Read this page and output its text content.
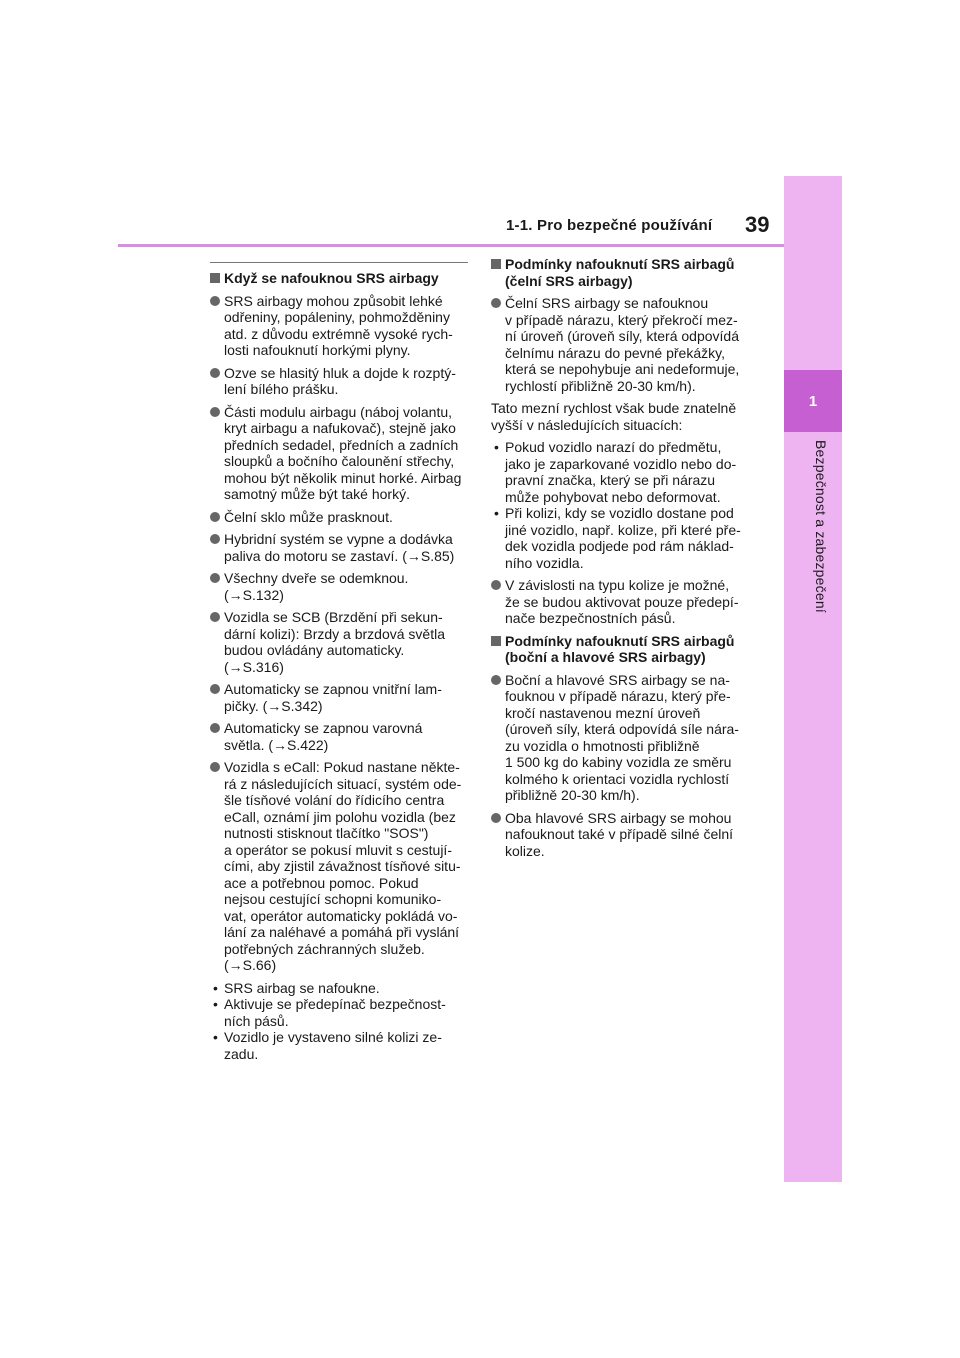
1
Bezpečnost a zabezpečení
1-1. Pro bezpečné používání 39
Když se nafouknou SRS airbagy
SRS airbagy mohou způsobit lehké
odřeniny, popáleniny, pohmožděniny
atd. z důvodu extrémně vysoké rych-
losti nafouknutí horkými plyny.
Ozve se hlasitý hluk a dojde k rozptý-
lení bílého prášku.
Části modulu airbagu (náboj volantu,
kryt airbagu a nafukovač), stejně jako
předních sedadel, předních a zadních
sloupků a bočního čalounění střechy,
mohou být několik minut horké. Airbag
samotný může být také horký.
Čelní sklo může prasknout.
Hybridní systém se vypne a dodávka
paliva do motoru se zastaví. (→S.85)
Všechny dveře se odemknou.
(→S.132)
Vozidla se SCB (Brzdění při sekun-
dární kolizi): Brzdy a brzdová světla
budou ovládány automaticky.
(→S.316)
Automaticky se zapnou vnitřní lam-
pičky. (→S.342)
Automaticky se zapnou varovná
světla. (→S.422)
Vozidla s eCall: Pokud nastane někte-
rá z následujících situací, systém ode-
šle tísňové volání do řídicího centra
eCall, oznámí jim polohu vozidla (bez
nutnosti stisknout tlačítko "SOS")
a operátor se pokusí mluvit s cestují-
cími, aby zjistil závažnost tísňové situ-
ace a potřebnou pomoc. Pokud
nejsou cestující schopni komuniko-
vat, operátor automaticky pokládá vo-
lání za naléhavé a pomáhá při vyslání
potřebných záchranných služeb.
(→S.66)
• SRS airbag se nafoukne.
• Aktivuje se předepínač bezpečnost-
ních pásů.
• Vozidlo je vystaveno silné kolizi ze-
zadu.
Podmínky nafouknutí SRS airbagů
(čelní SRS airbagy)
Čelní SRS airbagy se nafouknou
v případě nárazu, který překročí mez-
ní úroveň (úroveň síly, která odpovídá
čelnímu nárazu do pevné překážky,
která se nepohybuje ani nedeformuje,
rychlostí přibližně 20-30 km/h).
Tato mezní rychlost však bude znatelně
vyšší v následujících situacích:
• Pokud vozidlo narazí do předmětu,
jako je zaparkované vozidlo nebo do-
pravní značka, který se při nárazu
může pohybovat nebo deformovat.
• Při kolizi, kdy se vozidlo dostane pod
jiné vozidlo, např. kolize, při které pře-
dek vozidla podjede pod rám náklad-
ního vozidla.
V závislosti na typu kolize je možné,
že se budou aktivovat pouze předepí-
nače bezpečnostních pásů.
Podmínky nafouknutí SRS airbagů
(boční a hlavové SRS airbagy)
Boční a hlavové SRS airbagy se na-
fouknou v případě nárazu, který pře-
kročí nastavenou mezní úroveň
(úroveň síly, která odpovídá síle nára-
zu vozidla o hmotnosti přibližně
1 500 kg do kabiny vozidla ze směru
kolmého k orientaci vozidla rychlostí
přibližně 20-30 km/h).
Oba hlavové SRS airbagy se mohou
nafouknout také v případě silné čelní
kolize.
